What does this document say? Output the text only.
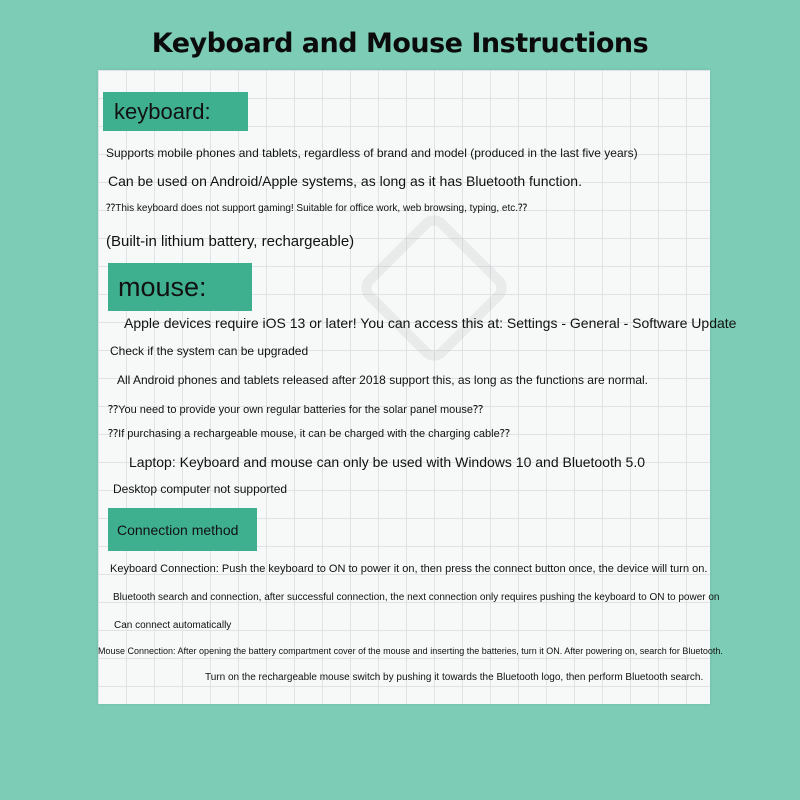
Keyboard and Mouse Instructions
keyboard:
Supports mobile phones and tablets, regardless of brand and model (produced in the last five years)
Can be used on Android/Apple systems, as long as it has Bluetooth function.
⁇This keyboard does not support gaming! Suitable for office work, web browsing, typing, etc.⁇
(Built-in lithium battery, rechargeable)
mouse:
Apple devices require iOS 13 or later! You can access this at: Settings - General - Software Update
Check if the system can be upgraded
All Android phones and tablets released after 2018 support this, as long as the functions are normal.
⁇You need to provide your own regular batteries for the solar panel mouse⁇
⁇If purchasing a rechargeable mouse, it can be charged with the charging cable⁇
Laptop: Keyboard and mouse can only be used with Windows 10 and Bluetooth 5.0
Desktop computer not supported
Connection method
Keyboard Connection: Push the keyboard to ON to power it on, then press the connect button once, the device will turn on.
Bluetooth search and connection, after successful connection, the next connection only requires pushing the keyboard to ON to power on
Can connect automatically
Mouse Connection: After opening the battery compartment cover of the mouse and inserting the batteries, turn it ON. After powering on, search for Bluetooth.
Turn on the rechargeable mouse switch by pushing it towards the Bluetooth logo, then perform Bluetooth search.
